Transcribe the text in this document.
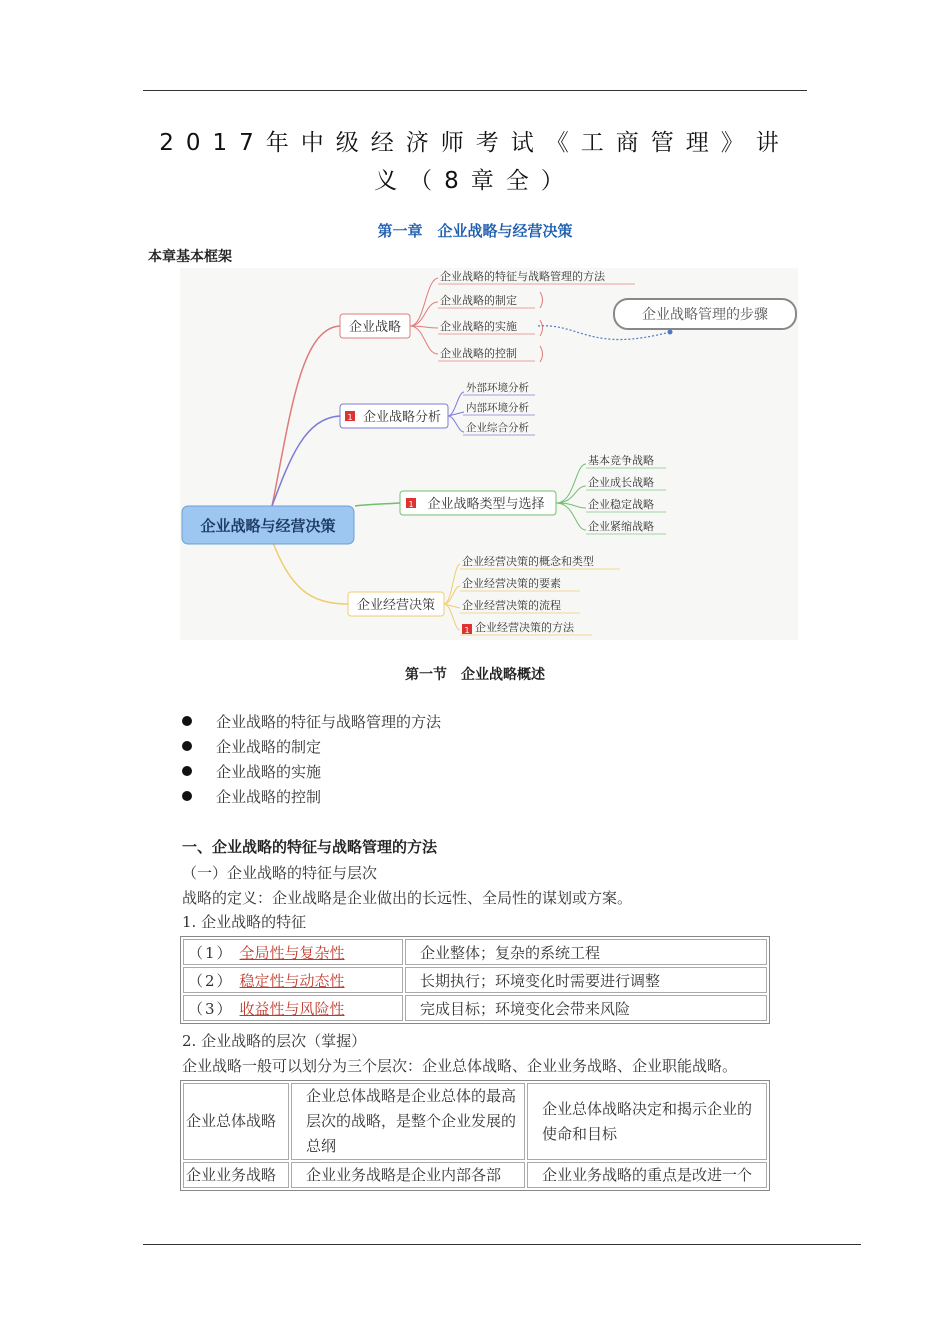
2017年中级经济师考试《工商管理》讲义（8章全）
第一章　企业战略与经营决策
本章基本框架
企业战略与经营决策
企业战略
企业战略的特征与战略管理的方法
企业战略的制定
企业战略的实施
企业战略的控制
企业战略管理的步骤
1 企业战略分析
外部环境分析
内部环境分析
企业综合分析
1 企业战略类型与选择
基本竞争战略
企业成长战略
企业稳定战略
企业紧缩战略
企业经营决策
企业经营决策的概念和类型
企业经营决策的要素
企业经营决策的流程
1 企业经营决策的方法
第一节　企业战略概述
企业战略的特征与战略管理的方法
企业战略的制定
企业战略的实施
企业战略的控制
一、企业战略的特征与战略管理的方法
（一）企业战略的特征与层次
战略的定义：企业战略是企业做出的长远性、全局性的谋划或方案。
1. 企业战略的特征
（1） 全局性与复杂性	企业整体；复杂的系统工程
（2） 稳定性与动态性	长期执行；环境变化时需要进行调整
（3） 收益性与风险性	完成目标；环境变化会带来风险
2. 企业战略的层次（掌握）
企业战略一般可以划分为三个层次：企业总体战略、企业业务战略、企业职能战略。
企业总体战略	企业总体战略是企业总体的最高层次的战略，是整个企业发展的总纲	企业总体战略决定和揭示企业的使命和目标

企业业务战略	企业业务战略是企业内部各部	企业业务战略的重点是改进一个
